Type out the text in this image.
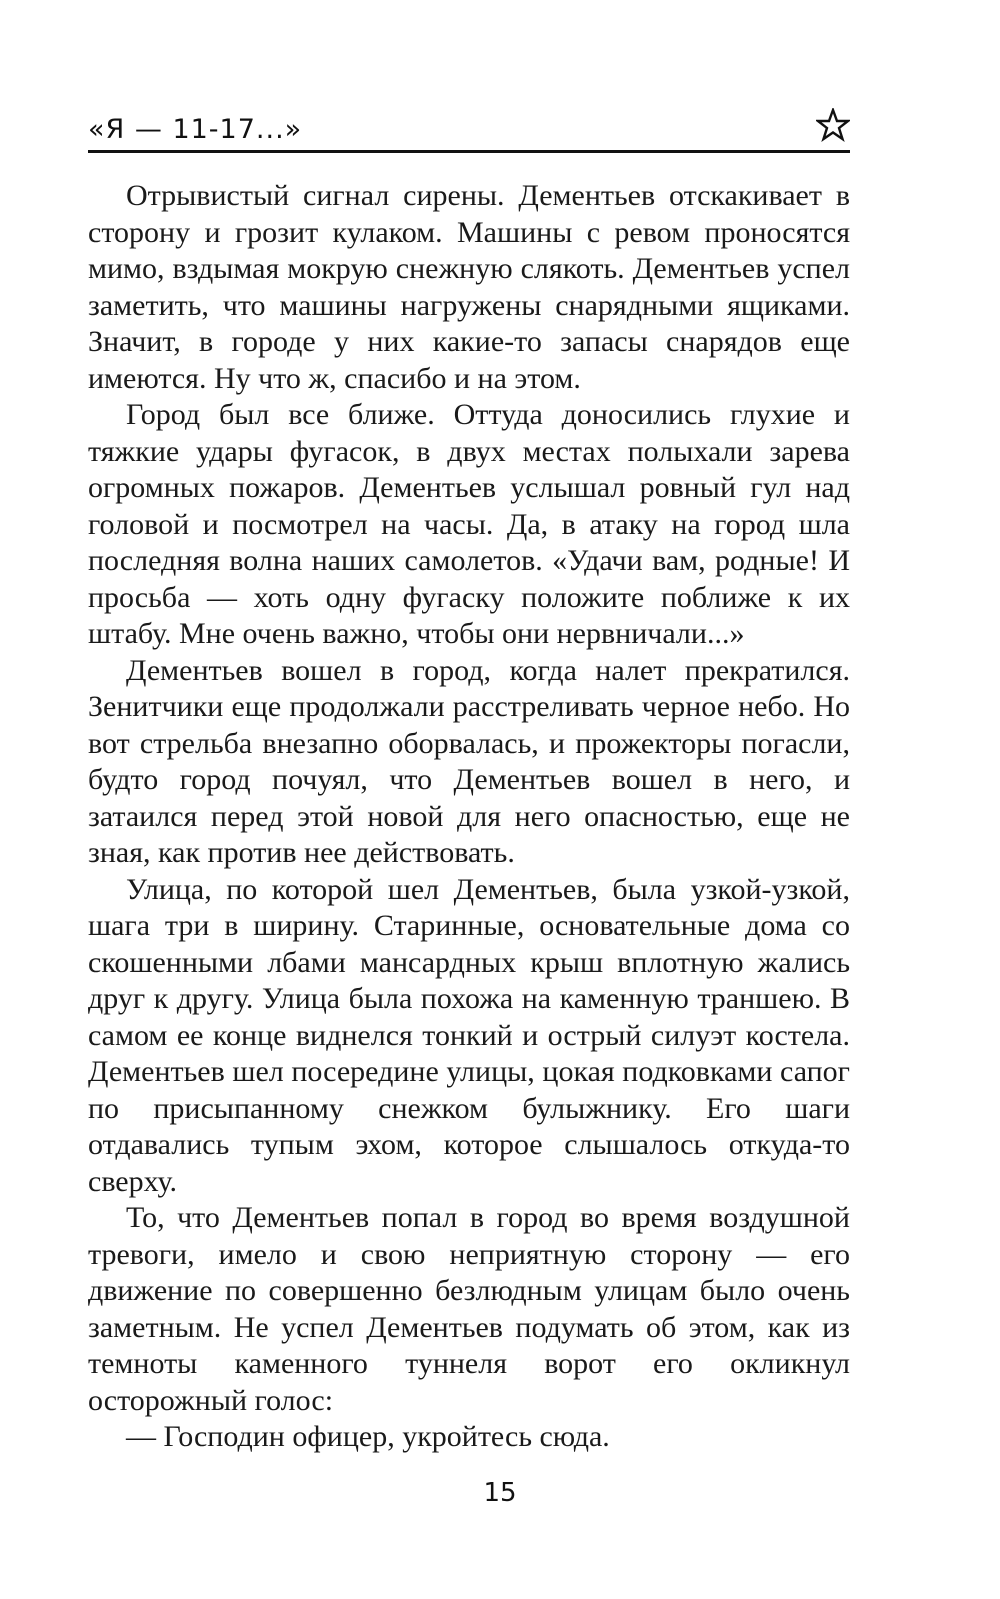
«Я — 11-17...»

Отрывистый сигнал сирены. Дементьев отскакивает в сторону и грозит кулаком. Машины с ревом проносятся мимо, вздымая мокрую снежную слякоть. Дементьев успел заметить, что машины нагружены снарядными ящиками. Значит, в городе у них какие-то запасы снарядов еще имеются. Ну что ж, спасибо и на этом.

Город был все ближе. Оттуда доносились глухие и тяжкие удары фугасок, в двух местах полыхали зарева огромных пожаров. Дементьев услышал ровный гул над головой и посмотрел на часы. Да, в атаку на город шла последняя волна наших самолетов. «Удачи вам, родные! И просьба — хоть одну фугаску положите поближе к их штабу. Мне очень важно, чтобы они нервничали...»

Дементьев вошел в город, когда налет прекратился. Зенитчики еще продолжали расстреливать черное небо. Но вот стрельба внезапно оборвалась, и прожекторы погасли, будто город почуял, что Дементьев вошел в него, и затаился перед этой новой для него опасностью, еще не зная, как против нее действовать.

Улица, по которой шел Дементьев, была узкой-узкой, шага три в ширину. Старинные, основательные дома со скошенными лбами мансардных крыш вплотную жались друг к другу. Улица была похожа на каменную траншею. В самом ее конце виднелся тонкий и острый силуэт костела. Дементьев шел посередине улицы, цокая подковками сапог по присыпанному снежком булыжнику. Его шаги отдавались тупым эхом, которое слышалось откуда-то сверху.

То, что Дементьев попал в город во время воздушной тревоги, имело и свою неприятную сторону — его движение по совершенно безлюдным улицам было очень заметным. Не успел Дементьев подумать об этом, как из темноты каменного туннеля ворот его окликнул осторожный голос:

— Господин офицер, укройтесь сюда.

15
